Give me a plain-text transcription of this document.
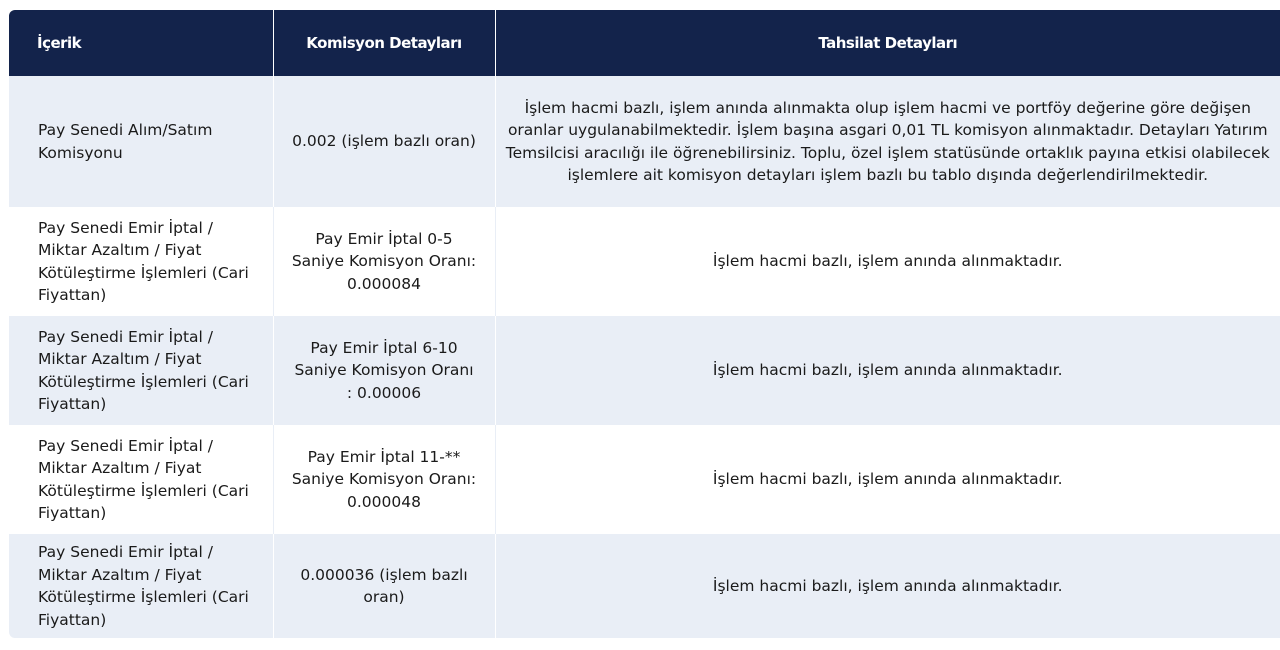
İçerik	Komisyon Detayları	Tahsilat Detayları
Pay Senedi Alım/Satım Komisyonu	0.002 (işlem bazlı oran)	İşlem hacmi bazlı, işlem anında alınmakta olup işlem hacmi ve portföy değerine göre değişen oranlar uygulanabilmektedir. İşlem başına asgari 0,01 TL komisyon alınmaktadır. Detayları Yatırım Temsilcisi aracılığı ile öğrenebilirsiniz. Toplu, özel işlem statüsünde ortaklık payına etkisi olabilecek işlemlere ait komisyon detayları işlem bazlı bu tablo dışında değerlendirilmektedir.
Pay Senedi Emir İptal / Miktar Azaltım / Fiyat Kötüleştirme İşlemleri (Cari Fiyattan)	Pay Emir İptal 0-5 Saniye Komisyon Oranı: 0.000084	İşlem hacmi bazlı, işlem anında alınmaktadır.
Pay Senedi Emir İptal / Miktar Azaltım / Fiyat Kötüleştirme İşlemleri (Cari Fiyattan)	Pay Emir İptal 6-10 Saniye Komisyon Oranı : 0.00006	İşlem hacmi bazlı, işlem anında alınmaktadır.
Pay Senedi Emir İptal / Miktar Azaltım / Fiyat Kötüleştirme İşlemleri (Cari Fiyattan)	Pay Emir İptal 11-** Saniye Komisyon Oranı: 0.000048	İşlem hacmi bazlı, işlem anında alınmaktadır.
Pay Senedi Emir İptal / Miktar Azaltım / Fiyat Kötüleştirme İşlemleri (Cari Fiyattan)	0.000036 (işlem bazlı oran)	İşlem hacmi bazlı, işlem anında alınmaktadır.
